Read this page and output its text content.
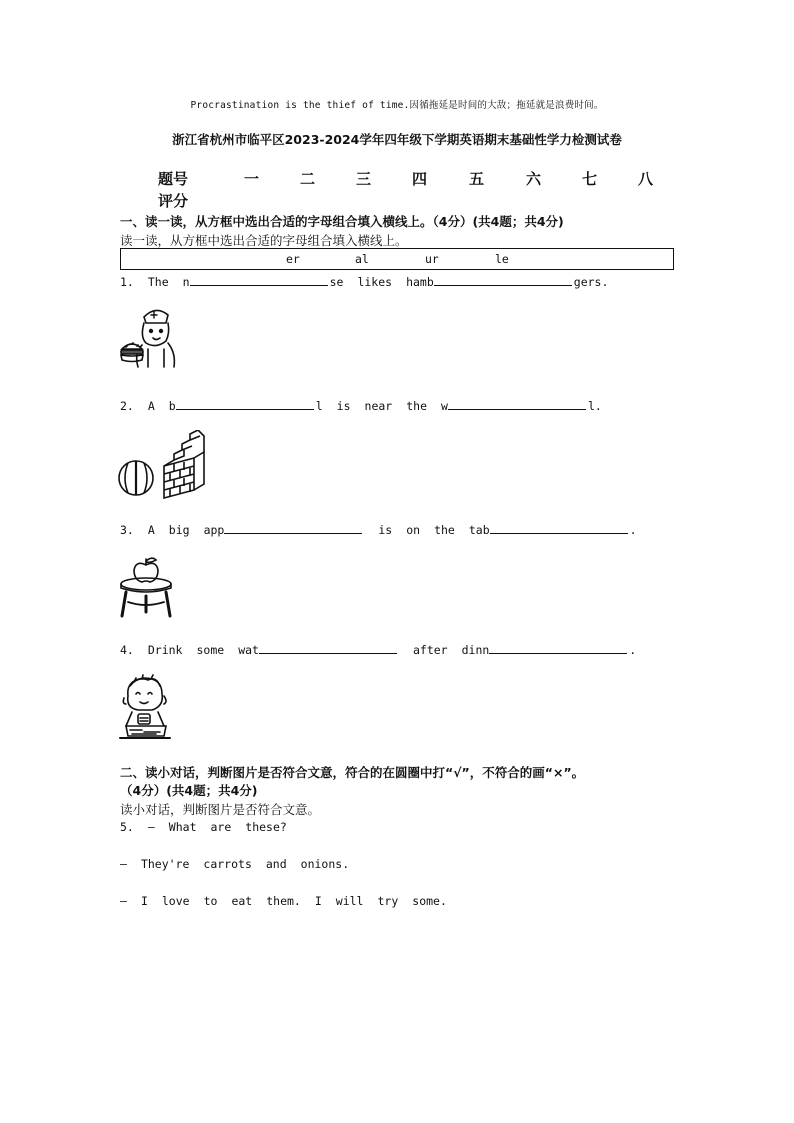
Procrastination is the thief of time.因循拖延是时间的大敌；拖延就是浪费时间。
浙江省杭州市临平区2023-2024学年四年级下学期英语期末基础性学力检测试卷
题号	一	二	三	四	五	六	七	八
评分
一、读一读，从方框中选出合适的字母组合填入横线上。（4分）(共4题；共4分)
读一读，从方框中选出合适的字母组合填入横线上。
er	al	ur	le
1. The n	se likes hamb	gers.
2. A b	l is near the w	l.
3. A big app	is on the tab	.
4. Drink some wat	after dinn	.
二、读小对话，判断图片是否符合文意，符合的在圆圈中打“√”，不符合的画“×”。
（4分）(共4题；共4分)
读小对话，判断图片是否符合文意。
5. — What are these?
— They're carrots and onions.
— I love to eat them. I will try some.
